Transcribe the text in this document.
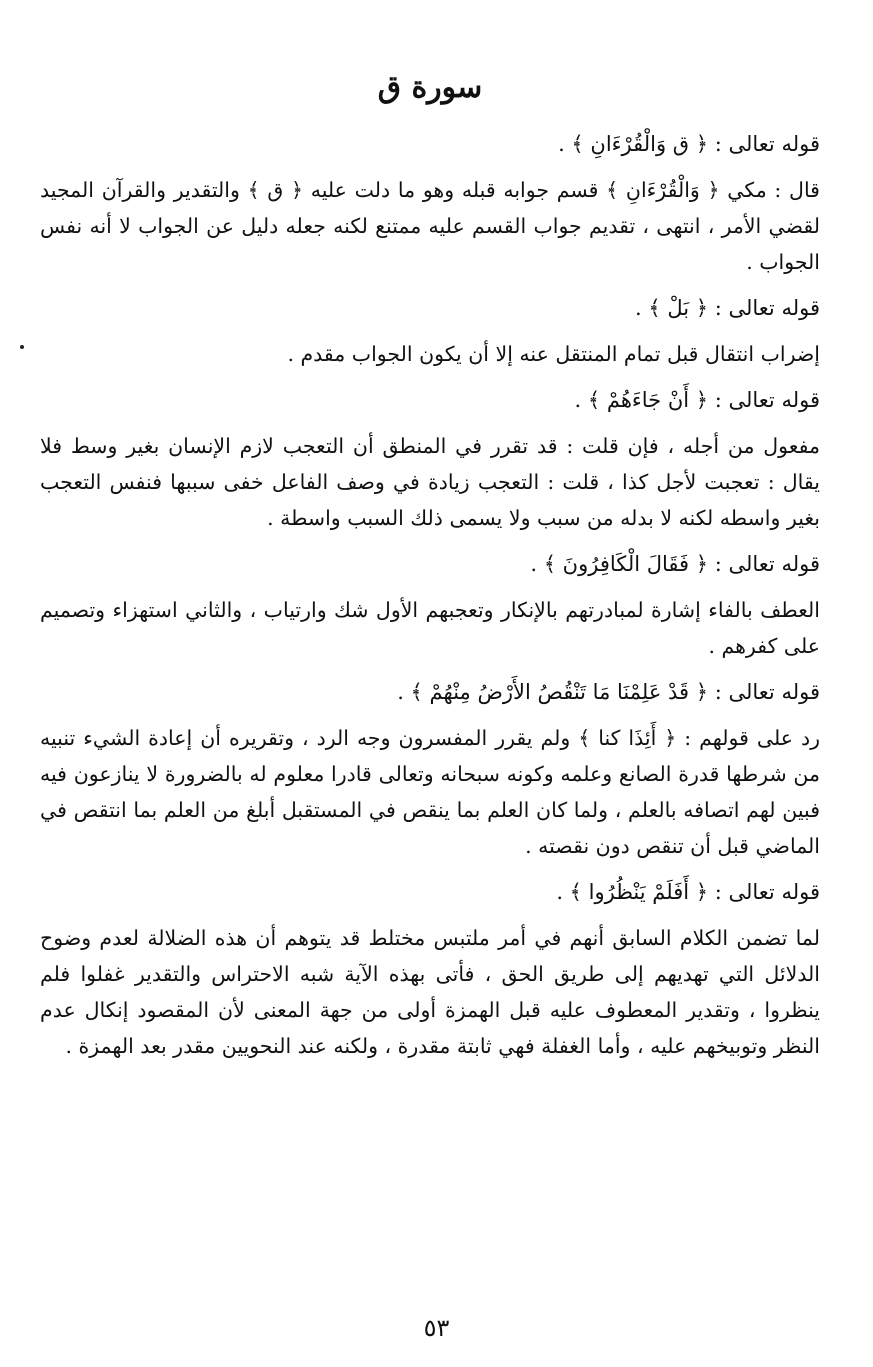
سورة ق

قوله تعالى : ﴿ ق وَالْقُرْءَانِ ﴾ .

قال : مكي ﴿ وَالْقُرْءَانِ ﴾ قسم جوابه قبله وهو ما دلت عليه ﴿ ق ﴾ والتقدير والقرآن المجيد لقضي الأمر ، انتهى ، تقديم جواب القسم عليه ممتنع لكنه جعله دليل عن الجواب لا أنه نفس الجواب .

قوله تعالى : ﴿ بَلْ ﴾ .

إضراب انتقال قبل تمام المنتقل عنه إلا أن يكون الجواب مقدم .

قوله تعالى : ﴿ أَنْ جَاءَهُمْ ﴾ .

مفعول من أجله ، فإن قلت : قد تقرر في المنطق أن التعجب لازم الإنسان بغير وسط فلا يقال : تعجبت لأجل كذا ، قلت : التعجب زيادة في وصف الفاعل خفى سببها فنفس التعجب بغير واسطه لكنه لا بدله من سبب ولا يسمى ذلك السبب واسطة .

قوله تعالى : ﴿ فَقَالَ الْكَافِرُونَ ﴾ .

العطف بالفاء إشارة لمبادرتهم بالإنكار وتعجبهم الأول شك وارتياب ، والثاني استهزاء وتصميم على كفرهم .

قوله تعالى : ﴿ قَدْ عَلِمْنَا مَا تَنْقُصُ الأَرْضُ مِنْهُمْ ﴾ .

رد على قولهم : ﴿ أَئِذَا كنا ﴾ ولم يقرر المفسرون وجه الرد ، وتقريره أن إعادة الشيء تنبيه من شرطها قدرة الصانع وعلمه وكونه سبحانه وتعالى قادرا معلوم له بالضرورة لا ينازعون فيه فبين لهم اتصافه بالعلم ، ولما كان العلم بما ينقص في المستقبل أبلغ من العلم بما انتقص في الماضي قبل أن تنقص دون نقصته .

قوله تعالى : ﴿ أَفَلَمْ يَنْظُرُوا ﴾ .

لما تضمن الكلام السابق أنهم في أمر ملتبس مختلط قد يتوهم أن هذه الضلالة لعدم وضوح الدلائل التي تهديهم إلى طريق الحق ، فأتى بهذه الآية شبه الاحتراس والتقدير غفلوا فلم ينظروا ، وتقدير المعطوف عليه قبل الهمزة أولى من جهة المعنى لأن المقصود إنكال عدم النظر وتوبيخهم عليه ، وأما الغفلة فهي ثابتة مقدرة ، ولكنه عند النحويين مقدر بعد الهمزة .

٥٣
